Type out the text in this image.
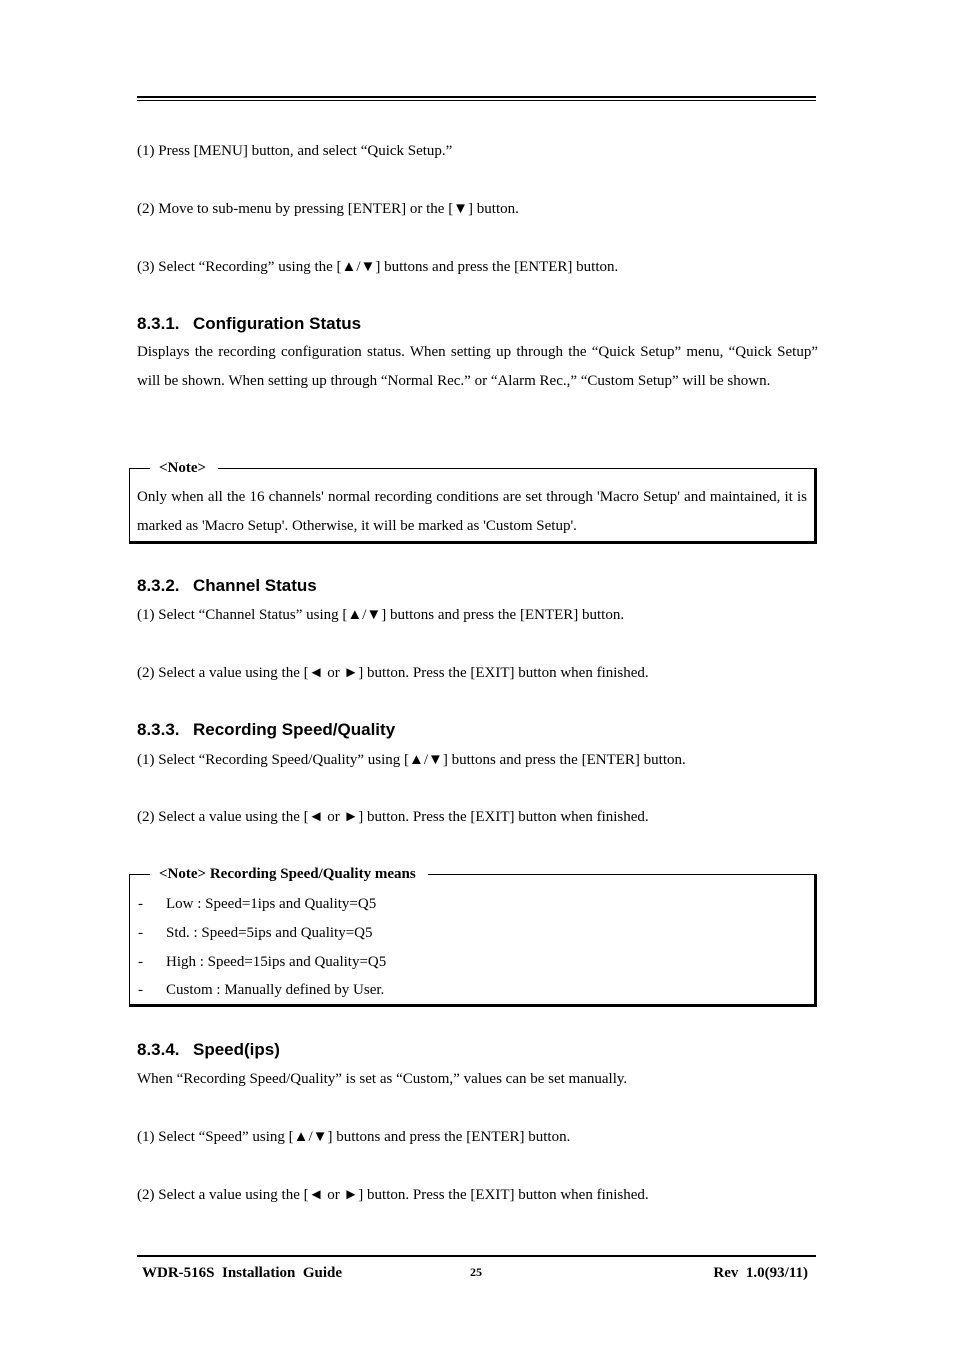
(1) Press [MENU] button, and select “Quick Setup.”
(2) Move to sub-menu by pressing [ENTER] or the [▼] button.
(3) Select “Recording” using the [▲/▼] buttons and press the [ENTER] button.
8.3.1. Configuration Status
Displays the recording configuration status. When setting up through the “Quick Setup” menu, “Quick Setup” will be shown. When setting up through “Normal Rec.” or “Alarm Rec.,” “Custom Setup” will be shown.
<Note>
Only when all the 16 channels' normal recording conditions are set through 'Macro Setup' and maintained, it is marked as 'Macro Setup'. Otherwise, it will be marked as 'Custom Setup'.
8.3.2. Channel Status
(1) Select “Channel Status” using [▲/▼] buttons and press the [ENTER] button.
(2) Select a value using the [◄ or ►] button. Press the [EXIT] button when finished.
8.3.3. Recording Speed/Quality
(1) Select “Recording Speed/Quality” using [▲/▼] buttons and press the [ENTER] button.
(2) Select a value using the [◄ or ►] button. Press the [EXIT] button when finished.
<Note> Recording Speed/Quality means
- Low : Speed=1ips and Quality=Q5
- Std. : Speed=5ips and Quality=Q5
- High : Speed=15ips and Quality=Q5
- Custom : Manually defined by User.
8.3.4. Speed(ips)
When “Recording Speed/Quality” is set as “Custom,” values can be set manually.
(1) Select “Speed” using [▲/▼] buttons and press the [ENTER] button.
(2) Select a value using the [◄ or ►] button. Press the [EXIT] button when finished.
WDR-516S  Installation  Guide	25	Rev  1.0(93/11)
